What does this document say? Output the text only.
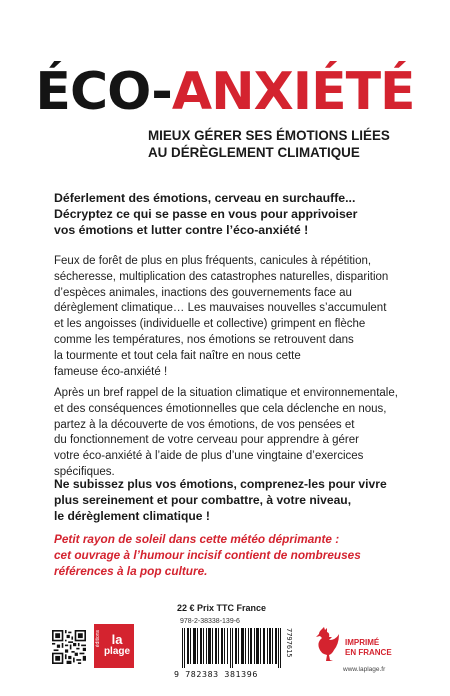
ÉCO-ANXIÉTÉ
MIEUX GÉRER SES ÉMOTIONS LIÉES
AU DÉRÈGLEMENT CLIMATIQUE
Déferlement des émotions, cerveau en surchauffe...
Décryptez ce qui se passe en vous pour apprivoiser
vos émotions et lutter contre l’éco-anxiété !
Feux de forêt de plus en plus fréquents, canicules à répétition,
sécheresse, multiplication des catastrophes naturelles, disparition
d’espèces animales, inactions des gouvernements face au
dérèglement climatique… Les mauvaises nouvelles s’accumulent
et les angoisses (individuelle et collective) grimpent en flèche
comme les températures, nos émotions se retrouvent dans
la tourmente et tout cela fait naître en nous cette
fameuse éco-anxiété !
Après un bref rappel de la situation climatique et environnementale,
et des conséquences émotionnelles que cela déclenche en nous,
partez à la découverte de vos émotions, de vos pensées et
du fonctionnement de votre cerveau pour apprendre à gérer
votre éco-anxiété à l’aide de plus d’une vingtaine d’exercices
spécifiques.
Ne subissez plus vos émotions, comprenez-les pour vivre
plus sereinement et pour combattre, à votre niveau,
le dérèglement climatique !
Petit rayon de soleil dans cette météo déprimante :
cet ouvrage à l’humour incisif contient de nombreuses
références à la pop culture.
éditions la
plage
22 € Prix TTC France
978-2-38338-139-6
9 782383 381396
7797615	IMPRIMÉ
EN FRANCE
www.laplage.fr
